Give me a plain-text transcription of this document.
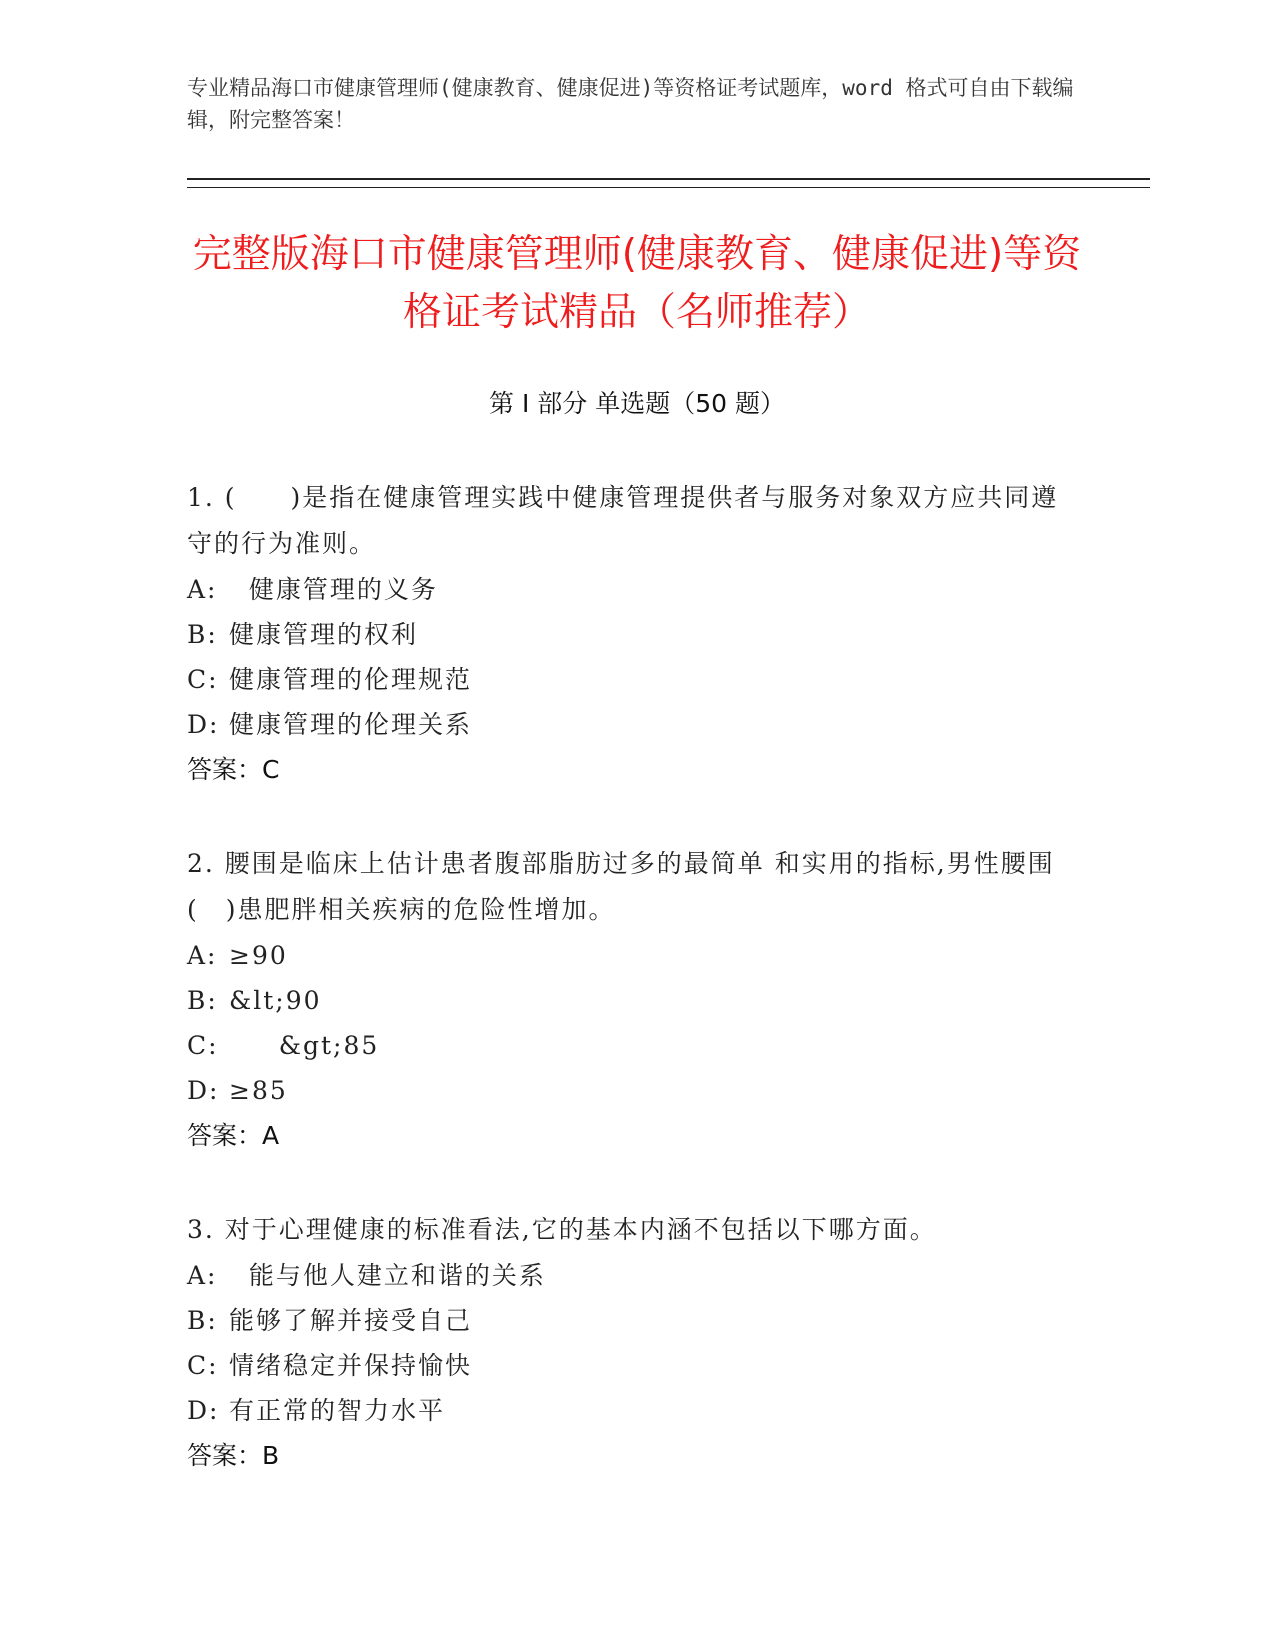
专业精品海口市健康管理师(健康教育、健康促进)等资格证考试题库，word 格式可自由下载编辑，附完整答案！
完整版海口市健康管理师(健康教育、健康促进)等资格证考试精品（名师推荐）
第 I 部分 单选题（50 题）

1. (　　)是指在健康管理实践中健康管理提供者与服务对象双方应共同遵守的行为准则。

A:  健康管理的义务
B: 健康管理的权利
C: 健康管理的伦理规范
D: 健康管理的伦理关系
答案：C

2. 腰围是临床上估计患者腹部脂肪过多的最简单 和实用的指标,男性腰围(　)患肥胖相关疾病的危险性增加。

A: ≥90
B: &lt;90
C:     &gt;85
D: ≥85
答案：A

3. 对于心理健康的标准看法,它的基本内涵不包括以下哪方面。

A:  能与他人建立和谐的关系
B: 能够了解并接受自己
C: 情绪稳定并保持愉快
D: 有正常的智力水平
答案：B
